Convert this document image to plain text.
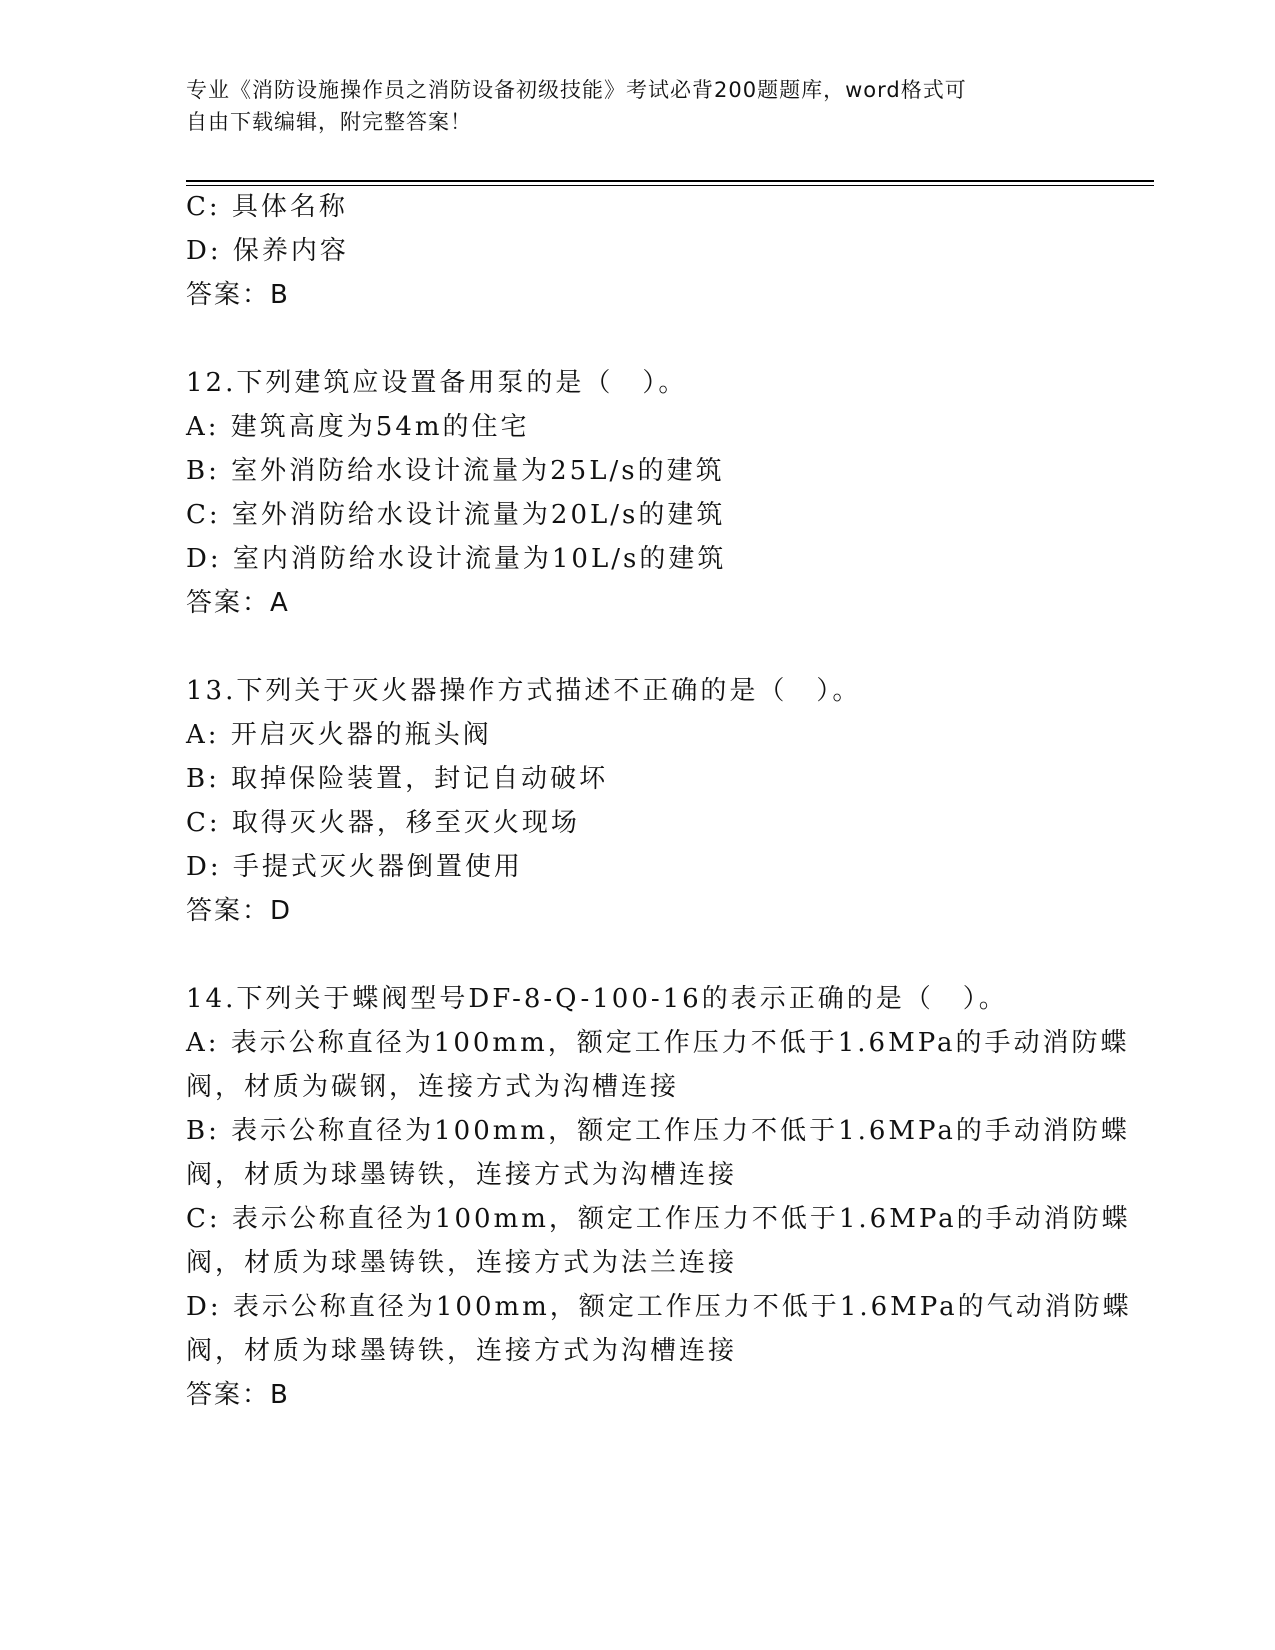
专业《消防设施操作员之消防设备初级技能》考试必背200题题库，word格式可
自由下载编辑，附完整答案！
C: 具体名称
D: 保养内容
答案：B
12.下列建筑应设置备用泵的是（　）。
A: 建筑高度为54m的住宅
B: 室外消防给水设计流量为25L/s的建筑
C: 室外消防给水设计流量为20L/s的建筑
D: 室内消防给水设计流量为10L/s的建筑
答案：A
13.下列关于灭火器操作方式描述不正确的是（　）。
A: 开启灭火器的瓶头阀
B: 取掉保险装置，封记自动破坏
C: 取得灭火器，移至灭火现场
D: 手提式灭火器倒置使用
答案：D
14.下列关于蝶阀型号DF-8-Q-100-16的表示正确的是（　）。
A: 表示公称直径为100mm，额定工作压力不低于1.6MPa的手动消防蝶
阀，材质为碳钢，连接方式为沟槽连接
B: 表示公称直径为100mm，额定工作压力不低于1.6MPa的手动消防蝶
阀，材质为球墨铸铁，连接方式为沟槽连接
C: 表示公称直径为100mm，额定工作压力不低于1.6MPa的手动消防蝶
阀，材质为球墨铸铁，连接方式为法兰连接
D: 表示公称直径为100mm，额定工作压力不低于1.6MPa的气动消防蝶
阀，材质为球墨铸铁，连接方式为沟槽连接
答案：B
